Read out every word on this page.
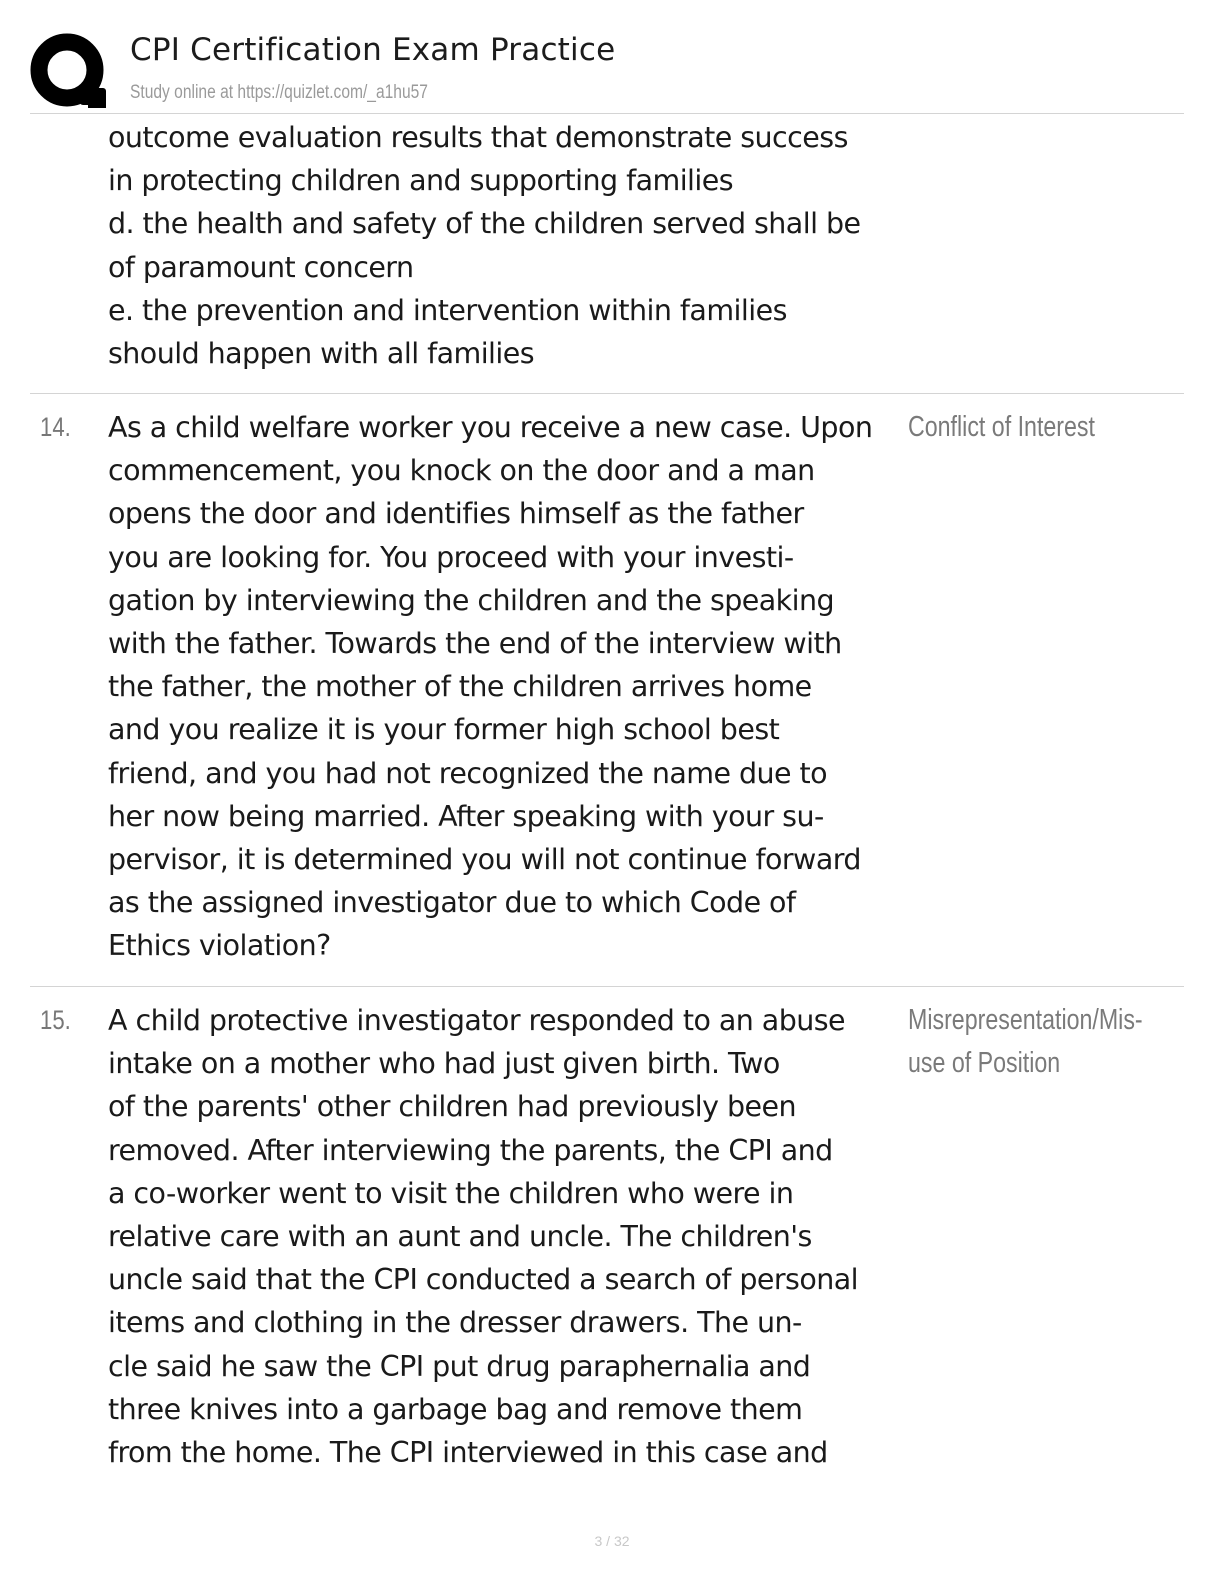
CPI Certification Exam Practice
Study online at https://quizlet.com/_a1hu57
outcome evaluation results that demonstrate success
in protecting children and supporting families
d. the health and safety of the children served shall be
of paramount concern
e. the prevention and intervention within families
should happen with all families
14. As a child welfare worker you receive a new case. Upon
commencement, you knock on the door and a man
opens the door and identifies himself as the father
you are looking for. You proceed with your investi-
gation by interviewing the children and the speaking
with the father. Towards the end of the interview with
the father, the mother of the children arrives home
and you realize it is your former high school best
friend, and you had not recognized the name due to
her now being married. After speaking with your su-
pervisor, it is determined you will not continue forward
as the assigned investigator due to which Code of
Ethics violation?
Conflict of Interest
15. A child protective investigator responded to an abuse
intake on a mother who had just given birth. Two
of the parents' other children had previously been
removed. After interviewing the parents, the CPI and
a co-worker went to visit the children who were in
relative care with an aunt and uncle. The children's
uncle said that the CPI conducted a search of personal
items and clothing in the dresser drawers. The un-
cle said he saw the CPI put drug paraphernalia and
three knives into a garbage bag and remove them
from the home. The CPI interviewed in this case and
Misrepresentation/Mis-
use of Position
3 / 32
